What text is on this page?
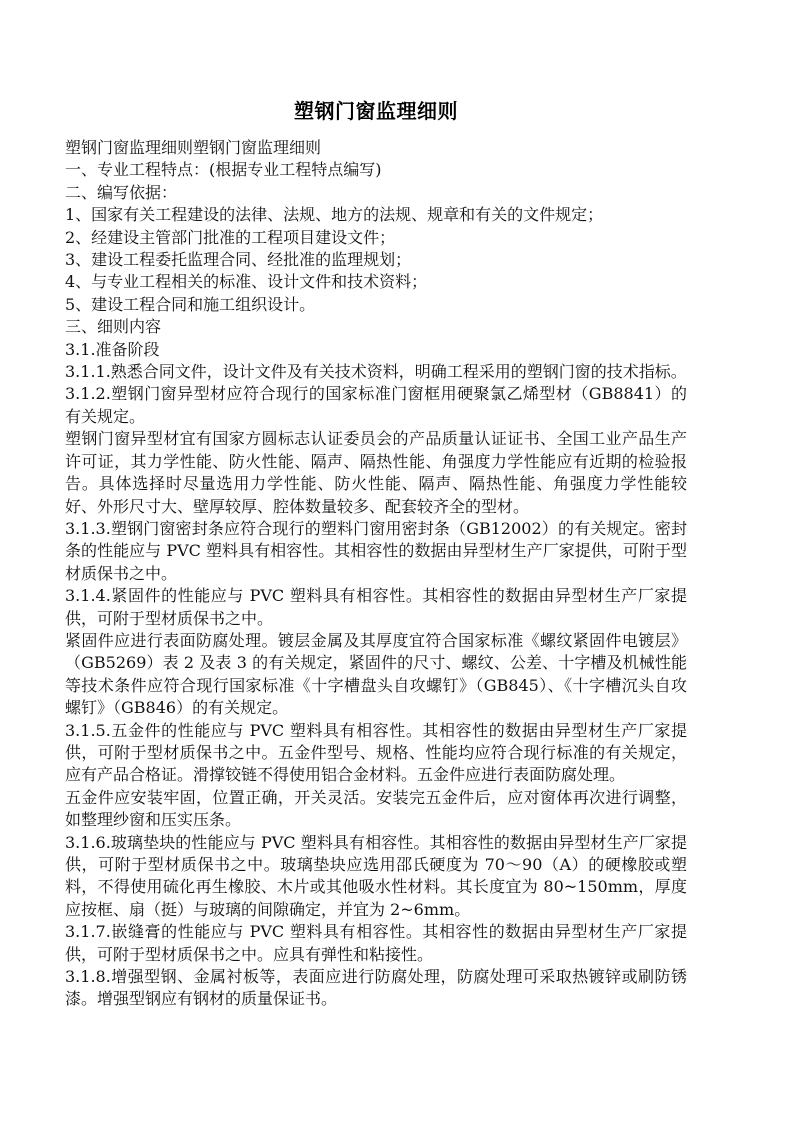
塑钢门窗监理细则

塑钢门窗监理细则塑钢门窗监理细则

一、专业工程特点：(根据专业工程特点编写)

二、编写依据：

1、国家有关工程建设的法律、法规、地方的法规、规章和有关的文件规定；

2、经建设主管部门批准的工程项目建设文件；

3、建设工程委托监理合同、经批准的监理规划；

4、与专业工程相关的标准、设计文件和技术资料；

5、建设工程合同和施工组织设计。

三、细则内容

3.1.准备阶段

3.1.1.熟悉合同文件，设计文件及有关技术资料，明确工程采用的塑钢门窗的技术指标。

3.1.2.塑钢门窗异型材应符合现行的国家标准门窗框用硬聚氯乙烯型材（GB8841）的有关规定。

塑钢门窗异型材宜有国家方圆标志认证委员会的产品质量认证证书、全国工业产品生产许可证，其力学性能、防火性能、隔声、隔热性能、角强度力学性能应有近期的检验报告。具体选择时尽量选用力学性能、防火性能、隔声、隔热性能、角强度力学性能较好、外形尺寸大、壁厚较厚、腔体数量较多、配套较齐全的型材。

3.1.3.塑钢门窗密封条应符合现行的塑料门窗用密封条（GB12002）的有关规定。密封条的性能应与 PVC 塑料具有相容性。其相容性的数据由异型材生产厂家提供，可附于型材质保书之中。

3.1.4.紧固件的性能应与 PVC 塑料具有相容性。其相容性的数据由异型材生产厂家提供，可附于型材质保书之中。

紧固件应进行表面防腐处理。镀层金属及其厚度宜符合国家标准《螺纹紧固件电镀层》（GB5269）表 2 及表 3 的有关规定，紧固件的尺寸、螺纹、公差、十字槽及机械性能等技术条件应符合现行国家标准《十字槽盘头自攻螺钉》（GB845）、《十字槽沉头自攻螺钉》（GB846）的有关规定。

3.1.5.五金件的性能应与 PVC 塑料具有相容性。其相容性的数据由异型材生产厂家提供，可附于型材质保书之中。五金件型号、规格、性能均应符合现行标准的有关规定，应有产品合格证。滑撑铰链不得使用铝合金材料。五金件应进行表面防腐处理。

五金件应安装牢固，位置正确，开关灵活。安装完五金件后，应对窗体再次进行调整，如整理纱窗和压实压条。

3.1.6.玻璃垫块的性能应与 PVC 塑料具有相容性。其相容性的数据由异型材生产厂家提供，可附于型材质保书之中。玻璃垫块应选用邵氏硬度为 70～90（A）的硬橡胶或塑料，不得使用硫化再生橡胶、木片或其他吸水性材料。其长度宜为 80~150mm，厚度应按框、扇（挺）与玻璃的间隙确定，并宜为 2~6mm。

3.1.7.嵌缝膏的性能应与 PVC 塑料具有相容性。其相容性的数据由异型材生产厂家提供，可附于型材质保书之中。应具有弹性和粘接性。

3.1.8.增强型钢、金属衬板等，表面应进行防腐处理，防腐处理可采取热镀锌或刷防锈漆。增强型钢应有钢材的质量保证书。
